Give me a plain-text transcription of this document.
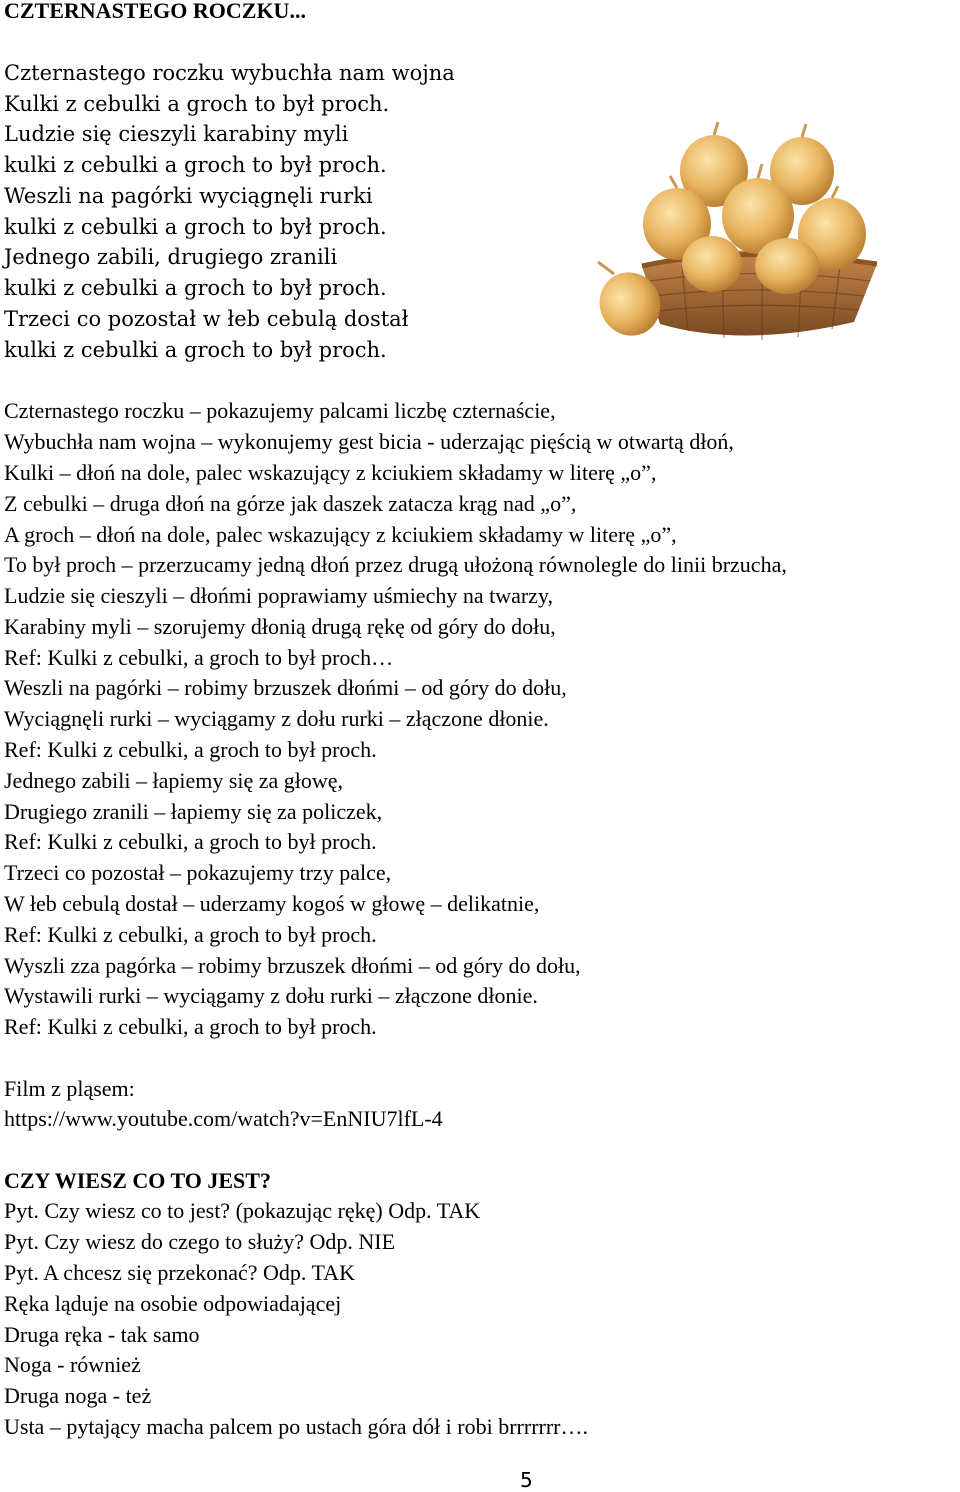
CZTERNASTEGO ROCZKU...
Czternastego roczku wybuchła nam wojna
Kulki z cebulki a groch to był proch.
Ludzie się cieszyli karabiny myli
kulki z cebulki a groch to był proch.
Weszli na pagórki wyciągnęli rurki
kulki z cebulki a groch to był proch.
Jednego zabili, drugiego zranili
kulki z cebulki a groch to był proch.
Trzeci co pozostał w łeb cebulą dostał
kulki z cebulki a groch to był proch.
Czternastego roczku – pokazujemy palcami liczbę czternaście,
Wybuchła nam wojna – wykonujemy gest bicia - uderzając pięścią w otwartą dłoń,
Kulki – dłoń na dole, palec wskazujący z kciukiem składamy w literę „o”,
Z cebulki – druga dłoń na górze jak daszek zatacza krąg nad „o”,
A groch – dłoń na dole, palec wskazujący z kciukiem składamy w literę „o”,
To był proch – przerzucamy jedną dłoń przez drugą ułożoną równolegle do linii brzucha,
Ludzie się cieszyli – dłońmi poprawiamy uśmiechy na twarzy,
Karabiny myli – szorujemy dłonią drugą rękę od góry do dołu,
Ref: Kulki z cebulki, a groch to był proch…
Weszli na pagórki – robimy brzuszek dłońmi – od góry do dołu,
Wyciągnęli rurki – wyciągamy z dołu rurki – złączone dłonie.
Ref: Kulki z cebulki, a groch to był proch.
Jednego zabili – łapiemy się za głowę,
Drugiego zranili – łapiemy się za policzek,
Ref: Kulki z cebulki, a groch to był proch.
Trzeci co pozostał – pokazujemy trzy palce,
W łeb cebulą dostał – uderzamy kogoś w głowę – delikatnie,
Ref: Kulki z cebulki, a groch to był proch.
Wyszli zza pagórka – robimy brzuszek dłońmi – od góry do dołu,
Wystawili rurki – wyciągamy z dołu rurki – złączone dłonie.
Ref: Kulki z cebulki, a groch to był proch.
Film z pląsem:
https://www.youtube.com/watch?v=EnNIU7lfL-4
CZY WIESZ CO TO JEST?
Pyt. Czy wiesz co to jest? (pokazując rękę) Odp. TAK
Pyt. Czy wiesz do czego to służy? Odp. NIE
Pyt. A chcesz się przekonać? Odp. TAK
Ręka ląduje na osobie odpowiadającej
Druga ręka - tak samo
Noga - również
Druga noga - też
Usta – pytający macha palcem po ustach góra dół i robi brrrrrrr….
5
